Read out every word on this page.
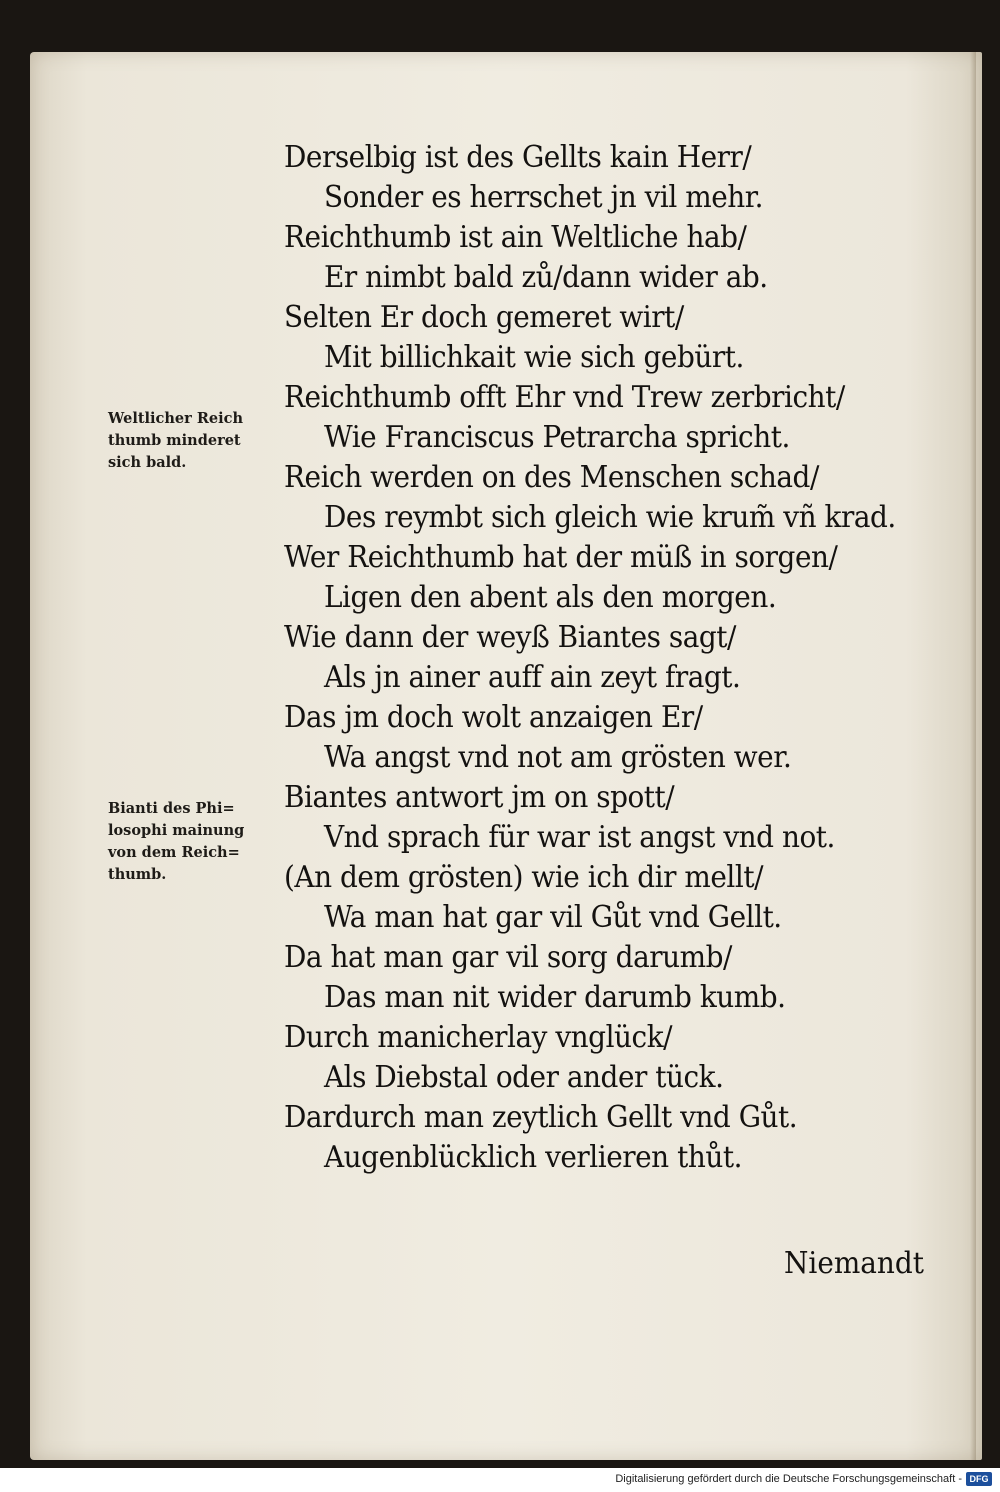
Derselbig ist des Gellts kain Herr/
Sonder es herrschet jn vil mehr.
Reichthumb ist ain Weltliche hab/
Er nimbt bald zů/dann wider ab.
Selten Er doch gemeret wirt/
Mit billichkait wie sich gebürt.
Reichthumb offt Ehr vnd Trew zerbricht/
Wie Franciscus Petrarcha spricht.
Reich werden on des Menschen schad/
Des reymbt sich gleich wie krum̃ vñ krad.
Wer Reichthumb hat der müß in sorgen/
Ligen den abent als den morgen.
Wie dann der weyß Biantes sagt/
Als jn ainer auff ain zeyt fragt.
Das jm doch wolt anzaigen Er/
Wa angst vnd not am grösten wer.
Biantes antwort jm on spott/
Vnd sprach für war ist angst vnd not.
(An dem grösten) wie ich dir mellt/
Wa man hat gar vil Gůt vnd Gellt.
Da hat man gar vil sorg darumb/
Das man nit wider darumb kumb.
Durch manicherlay vnglück/
Als Diebstal oder ander tück.
Dardurch man zeytlich Gellt vnd Gůt.
Augenblücklich verlieren thůt.
Weltlicher Reich
thumb minderet
sich bald.
Bianti des Phi=
losophi mainung
von dem Reich=
thumb.
Niemandt
Digitalisierung gefördert durch die Deutsche Forschungsgemeinschaft - DFG
